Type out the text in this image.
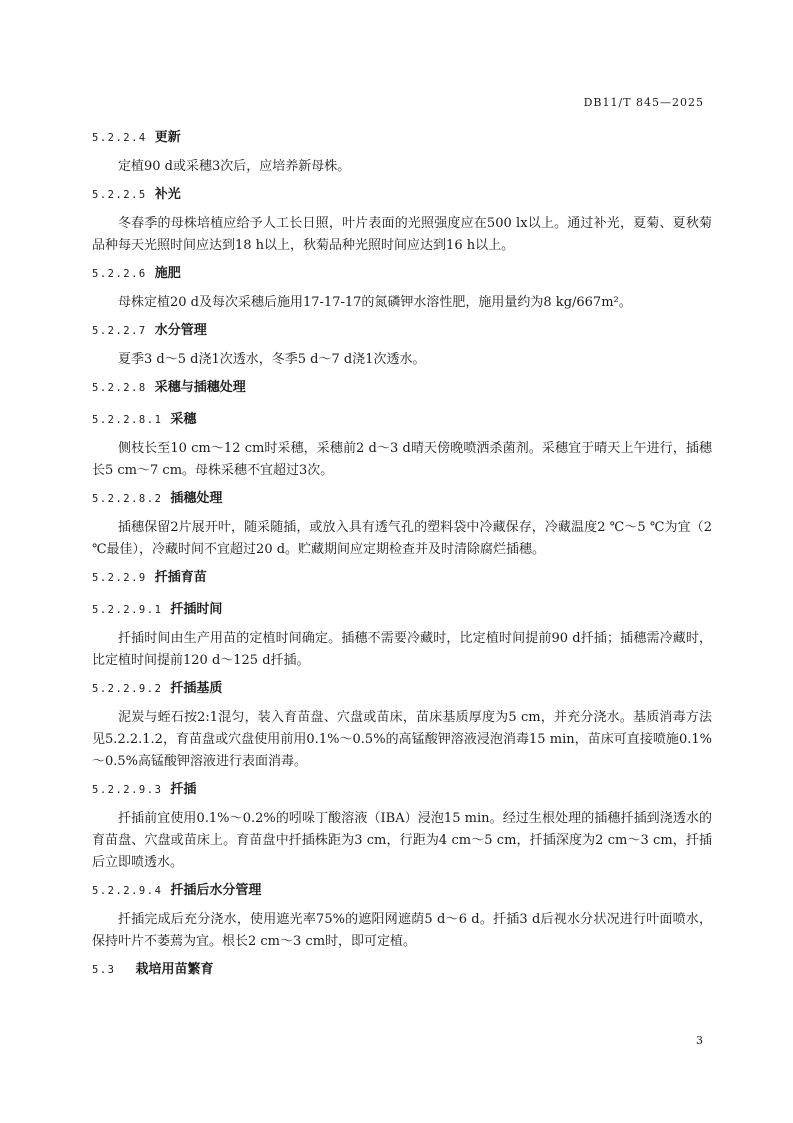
DB11/T 845—2025
5.2.2.4 更新

定植90 d或采穗3次后，应培养新母株。

5.2.2.5 补光

冬春季的母株培植应给予人工长日照，叶片表面的光照强度应在500 lx以上。通过补光，夏菊、夏秋菊品种每天光照时间应达到18 h以上，秋菊品种光照时间应达到16 h以上。

5.2.2.6 施肥

母株定植20 d及每次采穗后施用17-17-17的氮磷钾水溶性肥，施用量约为8 kg/667m²。

5.2.2.7 水分管理

夏季3 d～5 d浇1次透水，冬季5 d～7 d浇1次透水。

5.2.2.8 采穗与插穗处理
5.2.2.8.1 采穗

侧枝长至10 cm～12 cm时采穗，采穗前2 d～3 d晴天傍晚喷洒杀菌剂。采穗宜于晴天上午进行，插穗长5 cm～7 cm。母株采穗不宜超过3次。

5.2.2.8.2 插穗处理

插穗保留2片展开叶，随采随插，或放入具有透气孔的塑料袋中冷藏保存，冷藏温度2 ℃～5 ℃为宜（2 ℃最佳），冷藏时间不宜超过20 d。贮藏期间应定期检查并及时清除腐烂插穗。

5.2.2.9 扦插育苗
5.2.2.9.1 扦插时间

扦插时间由生产用苗的定植时间确定。插穗不需要冷藏时，比定植时间提前90 d扦插；插穗需冷藏时，比定植时间提前120 d～125 d扦插。

5.2.2.9.2 扦插基质

泥炭与蛭石按2:1混匀，装入育苗盘、穴盘或苗床，苗床基质厚度为5 cm，并充分浇水。基质消毒方法见5.2.2.1.2，育苗盘或穴盘使用前用0.1%～0.5%的高锰酸钾溶液浸泡消毒15 min，苗床可直接喷施0.1%～0.5%高锰酸钾溶液进行表面消毒。

5.2.2.9.3 扦插

扦插前宜使用0.1%～0.2%的吲哚丁酸溶液（IBA）浸泡15 min。经过生根处理的插穗扦插到浇透水的育苗盘、穴盘或苗床上。育苗盘中扦插株距为3 cm，行距为4 cm～5 cm，扦插深度为2 cm～3 cm，扦插后立即喷透水。

5.2.2.9.4 扦插后水分管理

扦插完成后充分浇水，使用遮光率75%的遮阳网遮荫5 d～6 d。扦插3 d后视水分状况进行叶面喷水，保持叶片不萎蔫为宜。根长2 cm～3 cm时，即可定植。

5.3 栽培用苗繁育
3
